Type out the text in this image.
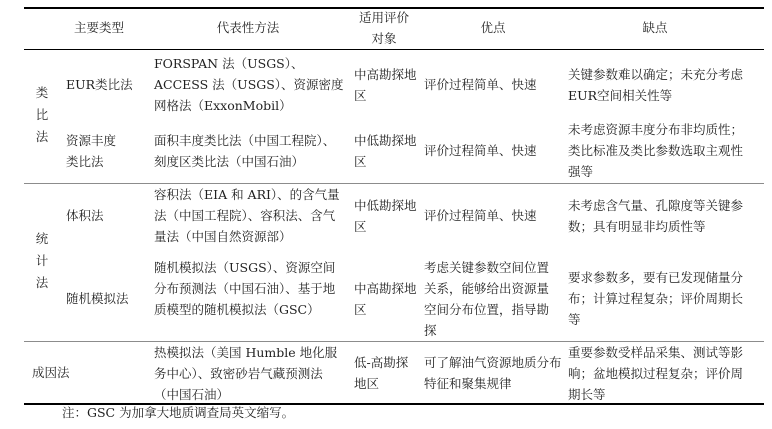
主要类型	代表性方法
适用评价对象
优点	缺点
类比法
EUR类比法
FORSPAN 法（USGS）、ACCESS 法（USGS）、资源密度网格法（ExxonMobil）
中高勘探地区
评价过程简单、快速
关键参数难以确定；未充分考虑EUR空间相关性等
资源丰度类比法
面积丰度类比法（中国工程院）、刻度区类比法（中国石油）
中低勘探地区
评价过程简单、快速
未考虑资源丰度分布非均质性；类比标准及类比参数选取主观性强等
统计法
体积法
容积法（EIA 和 ARI）、的含气量法（中国工程院）、容积法、含气量法（中国自然资源部）
中低勘探地区
评价过程简单、快速
未考虑含气量、孔隙度等关键参数；具有明显非均质性等
随机模拟法
随机模拟法（USGS）、资源空间分布预测法（中国石油）、基于地质模型的随机模拟法（GSC）
中高勘探地区
考虑关键参数空间位置关系，能够给出资源量空间分布位置，指导勘探
要求参数多，要有已发现储量分布；计算过程复杂；评价周期长等
成因法
热模拟法（美国 Humble 地化服务中心）、致密砂岩气藏预测法（中国石油）
低-高勘探地区
可了解油气资源地质分布特征和聚集规律
重要参数受样品采集、测试等影响；盆地模拟过程复杂；评价周期长等
注：GSC 为加拿大地质调查局英文缩写。
